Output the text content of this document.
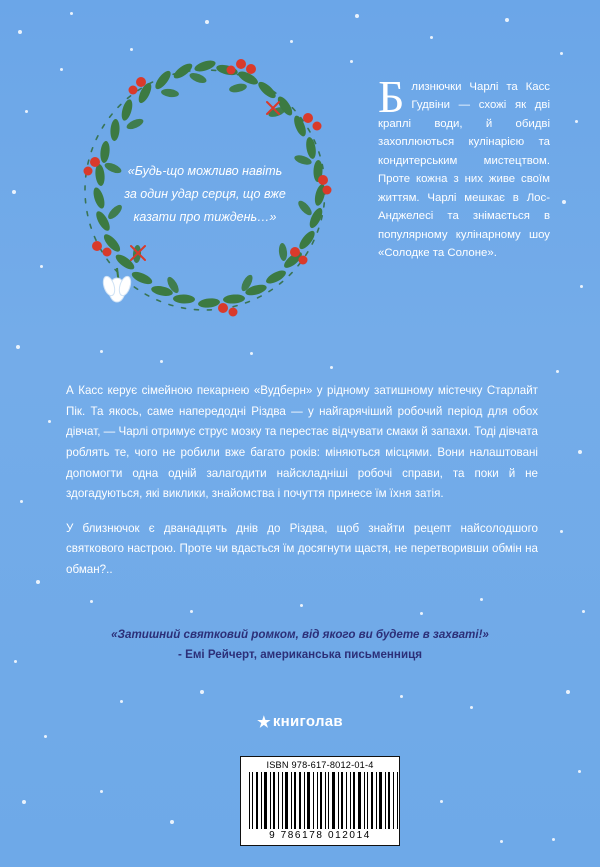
«Будь-що можливо навіть
за один удар серця, що вже
казати про тиждень…»
Б лизнючки Чарлі та Касс Гудвіни — схожі як дві краплі води, й обидві захоплюються кулінарією та кондитерським мистецтвом. Проте кожна з них живе своїм життям. Чарлі мешкає в Лос-Анджелесі та знімається в популярному кулінарному шоу «Солодке та Солоне».

А Касс керує сімейною пекарнею «Вудберн» у рідному затишному містечку Старлайт Пік. Та якось, саме напередодні Різдва — у найгарячіший робочий період для обох дівчат, — Чарлі отримує струс мозку та перестає відчувати смаки й запахи. Тоді дівчата роблять те, чого не робили вже багато років: міняються місцями. Вони налаштовані допомогти одна одній залагодити найскладніші робочі справи, та поки й не здогадуються, які виклики, знайомства і почуття принесе їм їхня затія.

У близнючок є дванадцять днів до Різдва, щоб знайти рецепт найсолодшого святкового настрою. Проте чи вдасться їм досягнути щастя, не перетворивши обмін на обман?..

«Затишний святковий ромком, від якого ви будете в захваті!»
- Емі Рейчерт, американська письменниця
★ книголав
ISBN 978-617-8012-01-4
9 786178 012014
